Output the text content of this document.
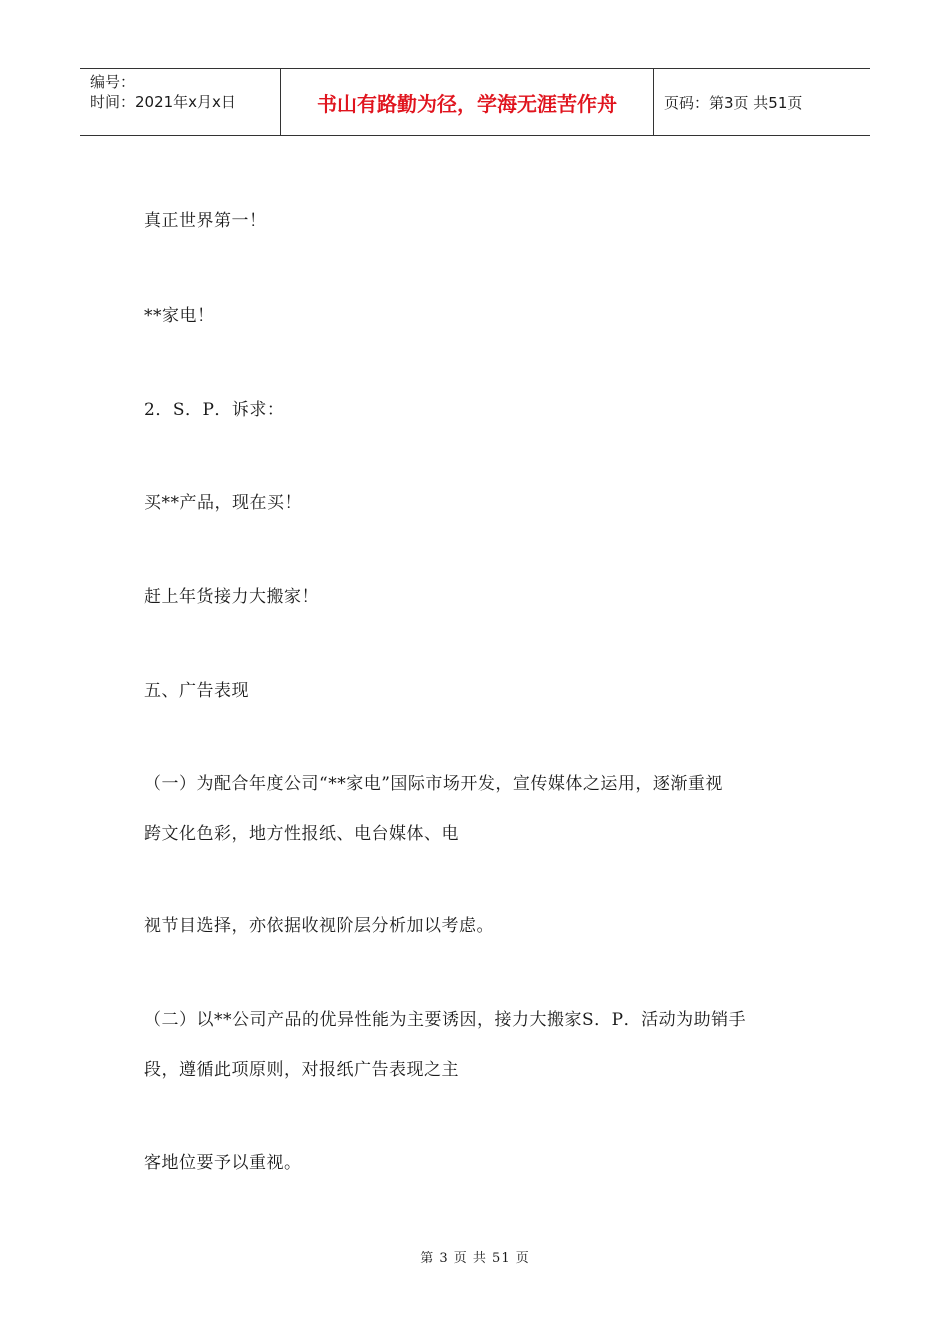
编号：
时间：2021年x月x日	书山有路勤为径，学海无涯苦作舟	页码：第3页 共51页
真正世界第一！
**家电！
2．S．P．诉求：
买**产品，现在买！
赶上年货接力大搬家！
五、广告表现
（一）为配合年度公司“**家电”国际市场开发，宣传媒体之运用，逐渐重视
跨文化色彩，地方性报纸、电台媒体、电
视节目选择，亦依据收视阶层分析加以考虑。
（二）以**公司产品的优异性能为主要诱因，接力大搬家S．P．活动为助销手
段，遵循此项原则，对报纸广告表现之主
客地位要予以重视。
第 3 页 共 51 页
